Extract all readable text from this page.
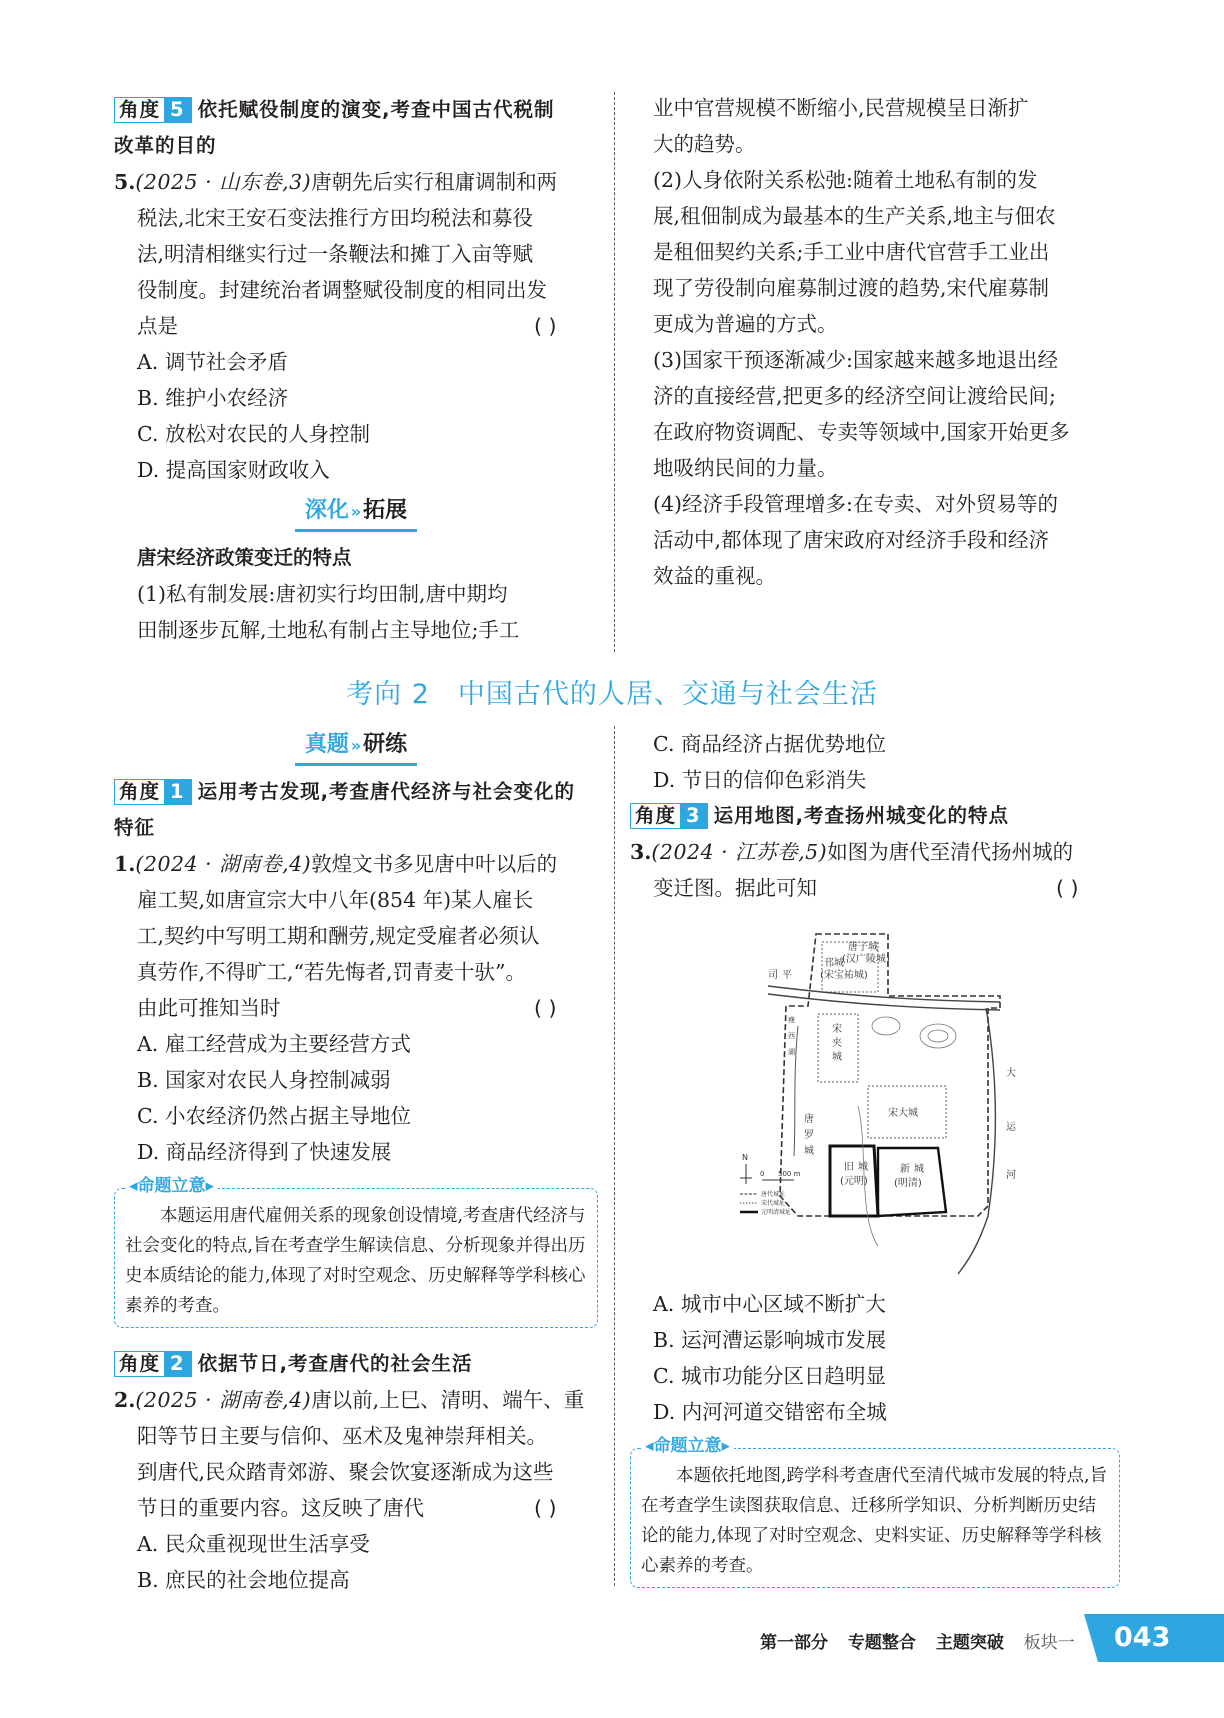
角度 5 依托赋役制度的演变,考查中国古代税制

改革的目的

5.(2025 · 山东卷,3)唐朝先后实行租庸调制和两

税法,北宋王安石变法推行方田均税法和募役

法,明清相继实行过一条鞭法和摊丁入亩等赋

役制度。封建统治者调整赋役制度的相同出发

点是	( )

A. 调节社会矛盾

B. 维护小农经济

C. 放松对农民的人身控制

D. 提高国家财政收入

深化 »拓展

唐宋经济政策变迁的特点

(1)私有制发展:唐初实行均田制,唐中期均

田制逐步瓦解,土地私有制占主导地位;手工

业中官营规模不断缩小,民营规模呈日渐扩

大的趋势。

(2)人身依附关系松弛:随着土地私有制的发

展,租佃制成为最基本的生产关系,地主与佃农

是租佃契约关系;手工业中唐代官营手工业出

现了劳役制向雇募制过渡的趋势,宋代雇募制

更成为普遍的方式。

(3)国家干预逐渐减少:国家越来越多地退出经

济的直接经营,把更多的经济空间让渡给民间;

在政府物资调配、专卖等领域中,国家开始更多

地吸纳民间的力量。

(4)经济手段管理增多:在专卖、对外贸易等的

活动中,都体现了唐宋政府对经济手段和经济

效益的重视。

考向 2　中国古代的人居、交通与社会生活
真题 »研练

角度 1 运用考古发现,考查唐代经济与社会变化的

特征

1.(2024 · 湖南卷,4)敦煌文书多见唐中叶以后的

雇工契,如唐宣宗大中八年(854 年)某人雇长

工,契约中写明工期和酬劳,规定受雇者必须认

真劳作,不得旷工,“若先悔者,罚青麦十驮”。

由此可推知当时	( )

A. 雇工经营成为主要经营方式

B. 国家对农民人身控制减弱

C. 小农经济仍然占据主导地位

D. 商品经济得到了快速发展

◂命题立意▸

本题运用唐代雇佣关系的现象创设情境,考查唐代经济与社会变化的特点,旨在考查学生解读信息、分析现象并得出历史本质结论的能力,体现了对时空观念、历史解释等学科核心素养的考查。

角度 2 依据节日,考查唐代的社会生活

2.(2025 · 湖南卷,4)唐以前,上巳、清明、端午、重

阳等节日主要与信仰、巫术及鬼神崇拜相关。

到唐代,民众踏青郊游、聚会饮宴逐渐成为这些

节日的重要内容。这反映了唐代	( )

A. 民众重视现世生活享受

B. 庶民的社会地位提高

C. 商品经济占据优势地位

D. 节日的信仰色彩消失

角度 3 运用地图,考查扬州城变化的特点

3.(2024 · 江苏卷,5)如图为唐代至清代扬州城的

变迁图。据此可知	( )

唐子城
(汉广陵城)
邗城
(宋宝祐城)
司 平
宋
夹
城
宋大城
唐
罗
城
旧 城
(元明)
新 城
(明清)
大
运
河
瘦
西
湖
N
0 500 m
唐代城址
宋代城址
元明清城址

A. 城市中心区域不断扩大

B. 运河漕运影响城市发展

C. 城市功能分区日趋明显

D. 内河河道交错密布全城

◂命题立意▸

本题依托地图,跨学科考查唐代至清代城市发展的特点,旨在考查学生读图获取信息、迁移所学知识、分析判断历史结论的能力,体现了对时空观念、史料实证、历史解释等学科核心素养的考查。

第一部分 专题整合 主题突破 板块一	043
